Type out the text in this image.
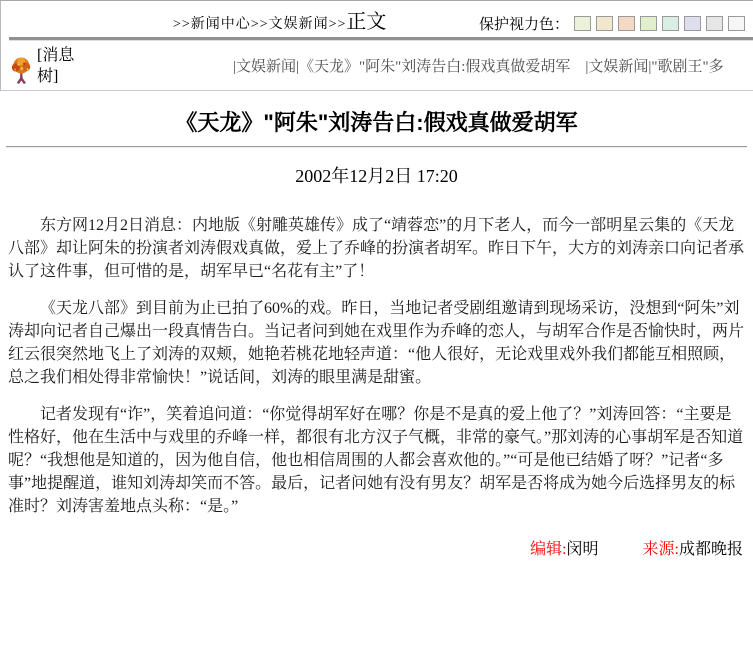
>>新闻中心>>文娱新闻>>正文	保护视力色：
[消息树]
|文娱新闻|《天龙》"阿朱"刘涛告白:假戏真做爱胡军　|文娱新闻|"歌剧王"多
《天龙》"阿朱"刘涛告白:假戏真做爱胡军
2002年12月2日 17:20

东方网12月2日消息：内地版《射雕英雄传》成了“靖蓉恋”的月下老人，而今一部明星云集的《天龙八部》却让阿朱的扮演者刘涛假戏真做，爱上了乔峰的扮演者胡军。昨日下午，大方的刘涛亲口向记者承认了这件事，但可惜的是，胡军早已“名花有主”了！

《天龙八部》到目前为止已拍了60%的戏。昨日，当地记者受剧组邀请到现场采访，没想到“阿朱”刘涛却向记者自己爆出一段真情告白。当记者问到她在戏里作为乔峰的恋人，与胡军合作是否愉快时，两片红云很突然地飞上了刘涛的双颊，她艳若桃花地轻声道：“他人很好，无论戏里戏外我们都能互相照顾，总之我们相处得非常愉快！”说话间，刘涛的眼里满是甜蜜。

记者发现有“诈”，笑着追问道：“你觉得胡军好在哪？你是不是真的爱上他了？”刘涛回答：“主要是性格好，他在生活中与戏里的乔峰一样，都很有北方汉子气概，非常的豪气。”那刘涛的心事胡军是否知道呢？“我想他是知道的，因为他自信，他也相信周围的人都会喜欢他的。”“可是他已结婚了呀？”记者“多事”地提醒道，谁知刘涛却笑而不答。最后，记者问她有没有男友？胡军是否将成为她今后选择男友的标准时？刘涛害羞地点头称：“是。”

编辑:闵明	来源:成都晚报
